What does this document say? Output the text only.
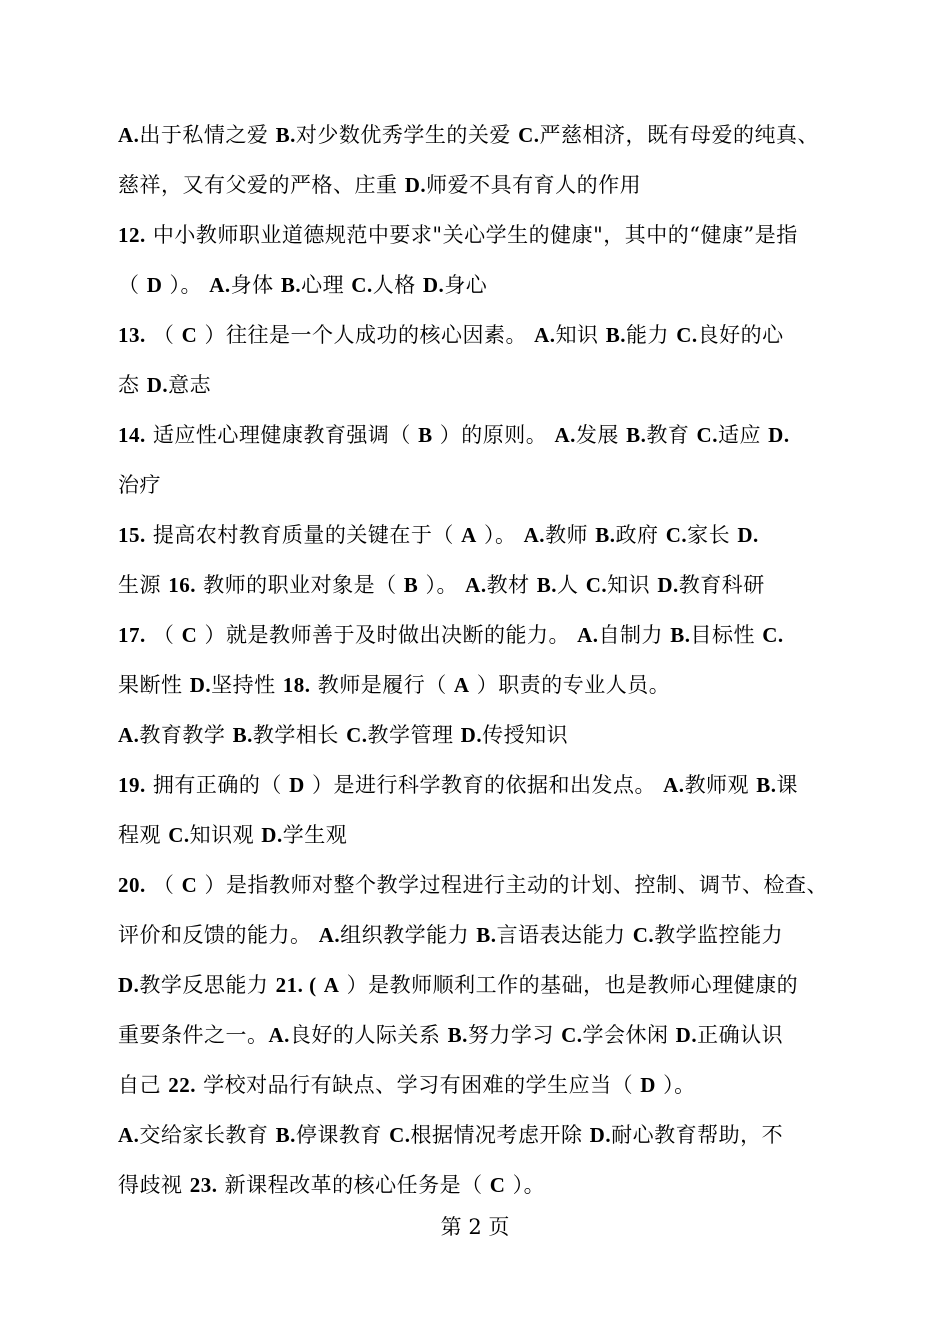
A.出于私情之爱 B.对少数优秀学生的关爱 C.严慈相济，既有母爱的纯真、
慈祥，又有父爱的严格、庄重 D.师爱不具有育人的作用
12. 中小教师职业道德规范中要求"关心学生的健康"，其中的“健康”是指
（ D ）。 A.身体 B.心理 C.人格 D.身心
13. （ C ）往往是一个人成功的核心因素。 A.知识 B.能力 C.良好的心
态 D.意志
14. 适应性心理健康教育强调（ B ）的原则。 A.发展 B.教育 C.适应 D.
治疗
15. 提高农村教育质量的关键在于（ A ）。 A.教师 B.政府 C.家长 D.
生源 16. 教师的职业对象是（ B ）。 A.教材 B.人 C.知识 D.教育科研
17. （ C ）就是教师善于及时做出决断的能力。 A.自制力 B.目标性 C.
果断性 D.坚持性 18. 教师是履行（ A ）职责的专业人员。
A.教育教学 B.教学相长 C.教学管理 D.传授知识
19. 拥有正确的（ D ）是进行科学教育的依据和出发点。 A.教师观 B.课
程观 C.知识观 D.学生观
20. （ C ）是指教师对整个教学过程进行主动的计划、控制、调节、检查、
评价和反馈的能力。 A.组织教学能力 B.言语表达能力 C.教学监控能力
D.教学反思能力 21. ( A ）是教师顺利工作的基础，也是教师心理健康的
重要条件之一。A.良好的人际关系 B.努力学习 C.学会休闲 D.正确认识
自己 22. 学校对品行有缺点、学习有困难的学生应当（ D ）。
A.交给家长教育 B.停课教育 C.根据情况考虑开除 D.耐心教育帮助，不
得歧视 23. 新课程改革的核心任务是（ C ）。
第 2 页
